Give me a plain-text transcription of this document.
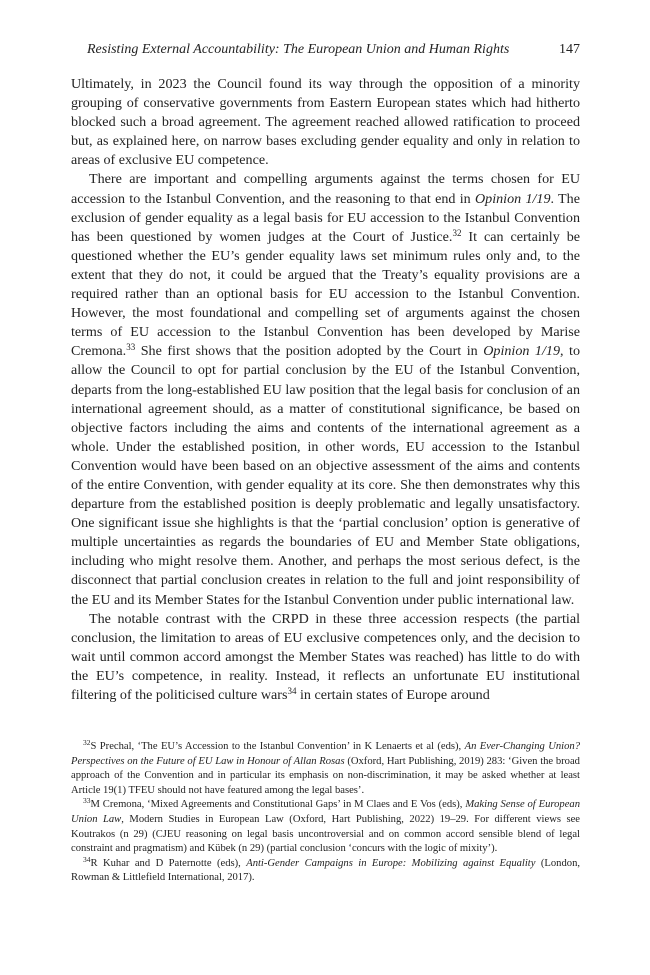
Resisting External Accountability: The European Union and Human Rights	147

Ultimately, in 2023 the Council found its way through the opposition of a minority grouping of conservative governments from Eastern European states which had hitherto blocked such a broad agreement. The agreement reached allowed ratification to proceed but, as explained here, on narrow bases excluding gender equality and only in relation to areas of exclusive EU competence.

There are important and compelling arguments against the terms chosen for EU accession to the Istanbul Convention, and the reasoning to that end in Opinion 1/19. The exclusion of gender equality as a legal basis for EU accession to the Istanbul Convention has been questioned by women judges at the Court of Justice.$^{32}$ It can certainly be questioned whether the EU’s gender equality laws set minimum rules only and, to the extent that they do not, it could be argued that the Treaty’s equality provisions are a required rather than an optional basis for EU accession to the Istanbul Convention. However, the most foundational and compelling set of arguments against the chosen terms of EU accession to the Istanbul Convention has been developed by Marise Cremona.$^{33}$ She first shows that the position adopted by the Court in Opinion 1/19, to allow the Council to opt for partial conclusion by the EU of the Istanbul Convention, departs from the long-established EU law position that the legal basis for conclusion of an international agreement should, as a matter of constitutional significance, be based on objective factors including the aims and contents of the international agreement as a whole. Under the established position, in other words, EU accession to the Istanbul Convention would have been based on an objective assessment of the aims and contents of the entire Convention, with gender equality at its core. She then demonstrates why this departure from the established position is deeply problematic and legally unsatisfactory. One significant issue she highlights is that the ‘partial conclusion’ option is generative of multiple uncertainties as regards the boundaries of EU and Member State obligations, including who might resolve them. Another, and perhaps the most serious defect, is the disconnect that partial conclusion creates in relation to the full and joint responsibility of the EU and its Member States for the Istanbul Convention under public international law.

The notable contrast with the CRPD in these three accession respects (the partial conclusion, the limitation to areas of EU exclusive competences only, and the decision to wait until common accord amongst the Member States was reached) has little to do with the EU’s competence, in reality. Instead, it reflects an unfortunate EU institutional filtering of the politicised culture wars$^{34}$ in certain states of Europe around

$^{32}$S Prechal, ‘The EU’s Accession to the Istanbul Convention’ in K Lenaerts et al (eds), An Ever-Changing Union? Perspectives on the Future of EU Law in Honour of Allan Rosas (Oxford, Hart Publishing, 2019) 283: ‘Given the broad approach of the Convention and in particular its emphasis on non-discrimination, it may be asked whether at least Article 19(1) TFEU should not have featured among the legal bases’.

$^{33}$M Cremona, ‘Mixed Agreements and Constitutional Gaps’ in M Claes and E Vos (eds), Making Sense of European Union Law, Modern Studies in European Law (Oxford, Hart Publishing, 2022) 19–29. For different views see Koutrakos (n 29) (CJEU reasoning on legal basis uncontroversial and on common accord sensible blend of legal constraint and pragmatism) and Kübek (n 29) (partial conclusion ‘concurs with the logic of mixity’).

$^{34}$R Kuhar and D Paternotte (eds), Anti-Gender Campaigns in Europe: Mobilizing against Equality (London, Rowman & Littlefield International, 2017).
